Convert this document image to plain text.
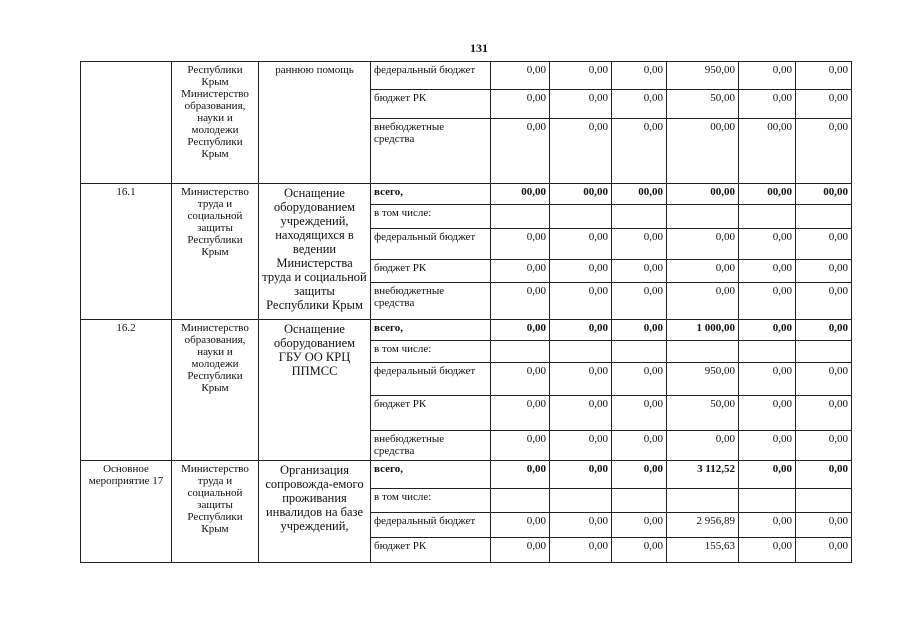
131
	Республики Крым Министерство образования, науки и молодежи Республики Крым	раннюю помощь	федеральный бюджет	0,00	0,00	0,00	950,00	0,00	0,00
			бюджет РК	0,00	0,00	0,00	50,00	0,00	0,00
			внебюджетные средства	0,00	0,00	0,00	00,00	00,00	0,00
16.1	Министерство труда и социальной защиты Республики Крым	Оснащение оборудованием учреждений, находящихся в ведении Министерства труда и социальной защиты Республики Крым	всего,	00,00	00,00	00,00	00,00	00,00	00,00
			в том числе:						
			федеральный бюджет	0,00	0,00	0,00	0,00	0,00	0,00
			бюджет РК	0,00	0,00	0,00	0,00	0,00	0,00
			внебюджетные средства	0,00	0,00	0,00	0,00	0,00	0,00
16.2	Министерство образования, науки и молодежи Республики Крым	Оснащение оборудованием ГБУ ОО КРЦ ППМСС	всего,	0,00	0,00	0,00	1 000,00	0,00	0,00
			в том числе:						
			федеральный бюджет	0,00	0,00	0,00	950,00	0,00	0,00
			бюджет РК	0,00	0,00	0,00	50,00	0,00	0,00
			внебюджетные средства	0,00	0,00	0,00	0,00	0,00	0,00
Основное мероприятие 17	Министерство труда и социальной защиты Республики Крым	Организация сопровожда-емого проживания инвалидов на базе учреждений,	всего,	0,00	0,00	0,00	3 112,52	0,00	0,00
			в том числе:						
			федеральный бюджет	0,00	0,00	0,00	2 956,89	0,00	0,00
			бюджет РК	0,00	0,00	0,00	155,63	0,00	0,00
